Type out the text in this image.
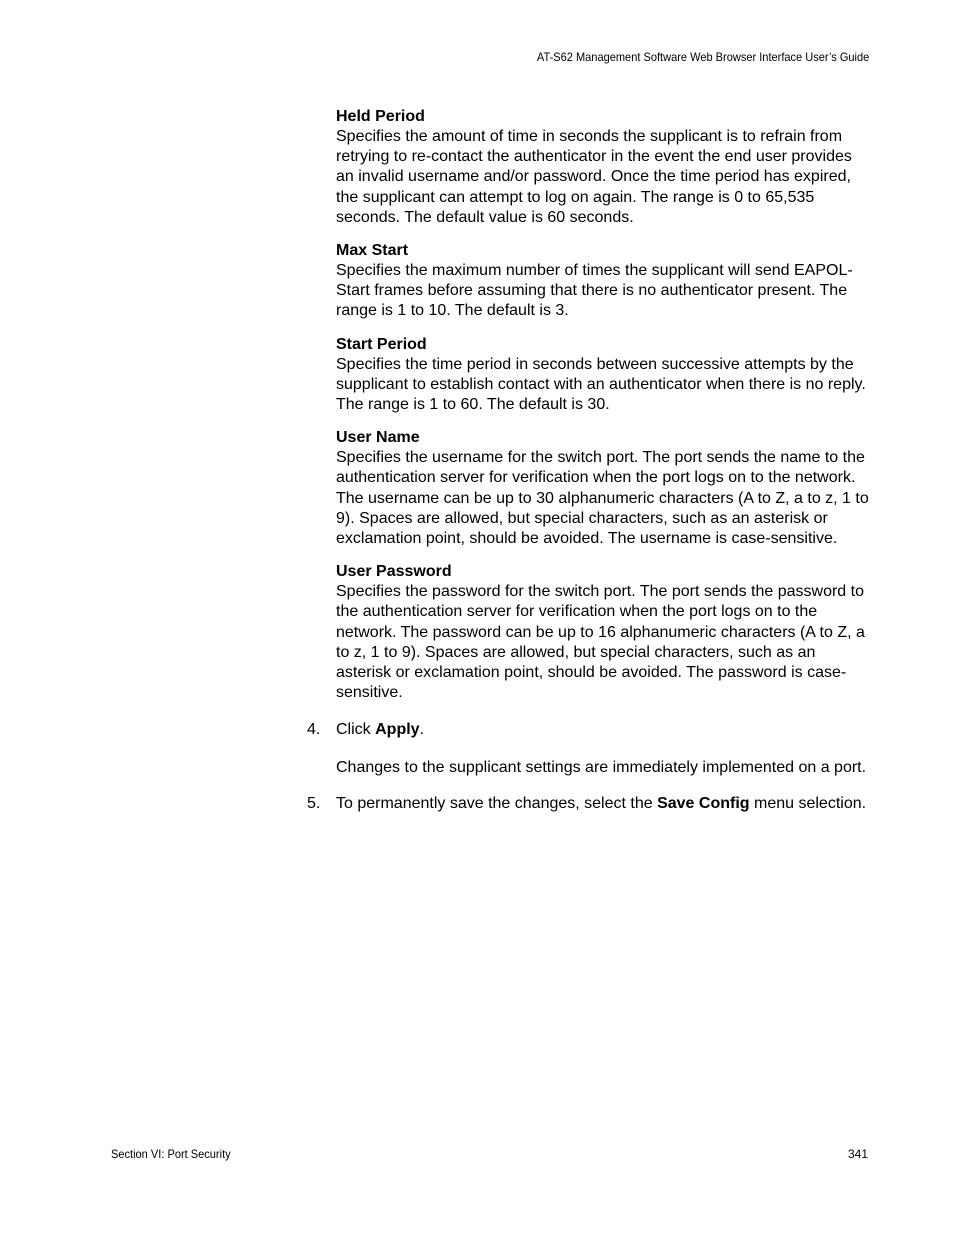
AT-S62 Management Software Web Browser Interface User’s Guide
Held Period
Specifies the amount of time in seconds the supplicant is to refrain from retrying to re-contact the authenticator in the event the end user provides an invalid username and/or password. Once the time period has expired, the supplicant can attempt to log on again. The range is 0 to 65,535 seconds. The default value is 60 seconds.
Max Start
Specifies the maximum number of times the supplicant will send EAPOL-Start frames before assuming that there is no authenticator present. The range is 1 to 10. The default is 3.
Start Period
Specifies the time period in seconds between successive attempts by the supplicant to establish contact with an authenticator when there is no reply. The range is 1 to 60. The default is 30.
User Name
Specifies the username for the switch port. The port sends the name to the authentication server for verification when the port logs on to the network. The username can be up to 30 alphanumeric characters (A to Z, a to z, 1 to 9). Spaces are allowed, but special characters, such as an asterisk or exclamation point, should be avoided. The username is case-sensitive.
User Password
Specifies the password for the switch port. The port sends the password to the authentication server for verification when the port logs on to the network. The password can be up to 16 alphanumeric characters (A to Z, a to z, 1 to 9). Spaces are allowed, but special characters, such as an asterisk or exclamation point, should be avoided. The password is case-sensitive.
4. Click Apply.
Changes to the supplicant settings are immediately implemented on a port.
5. To permanently save the changes, select the Save Config menu selection.
Section VI: Port Security	341
